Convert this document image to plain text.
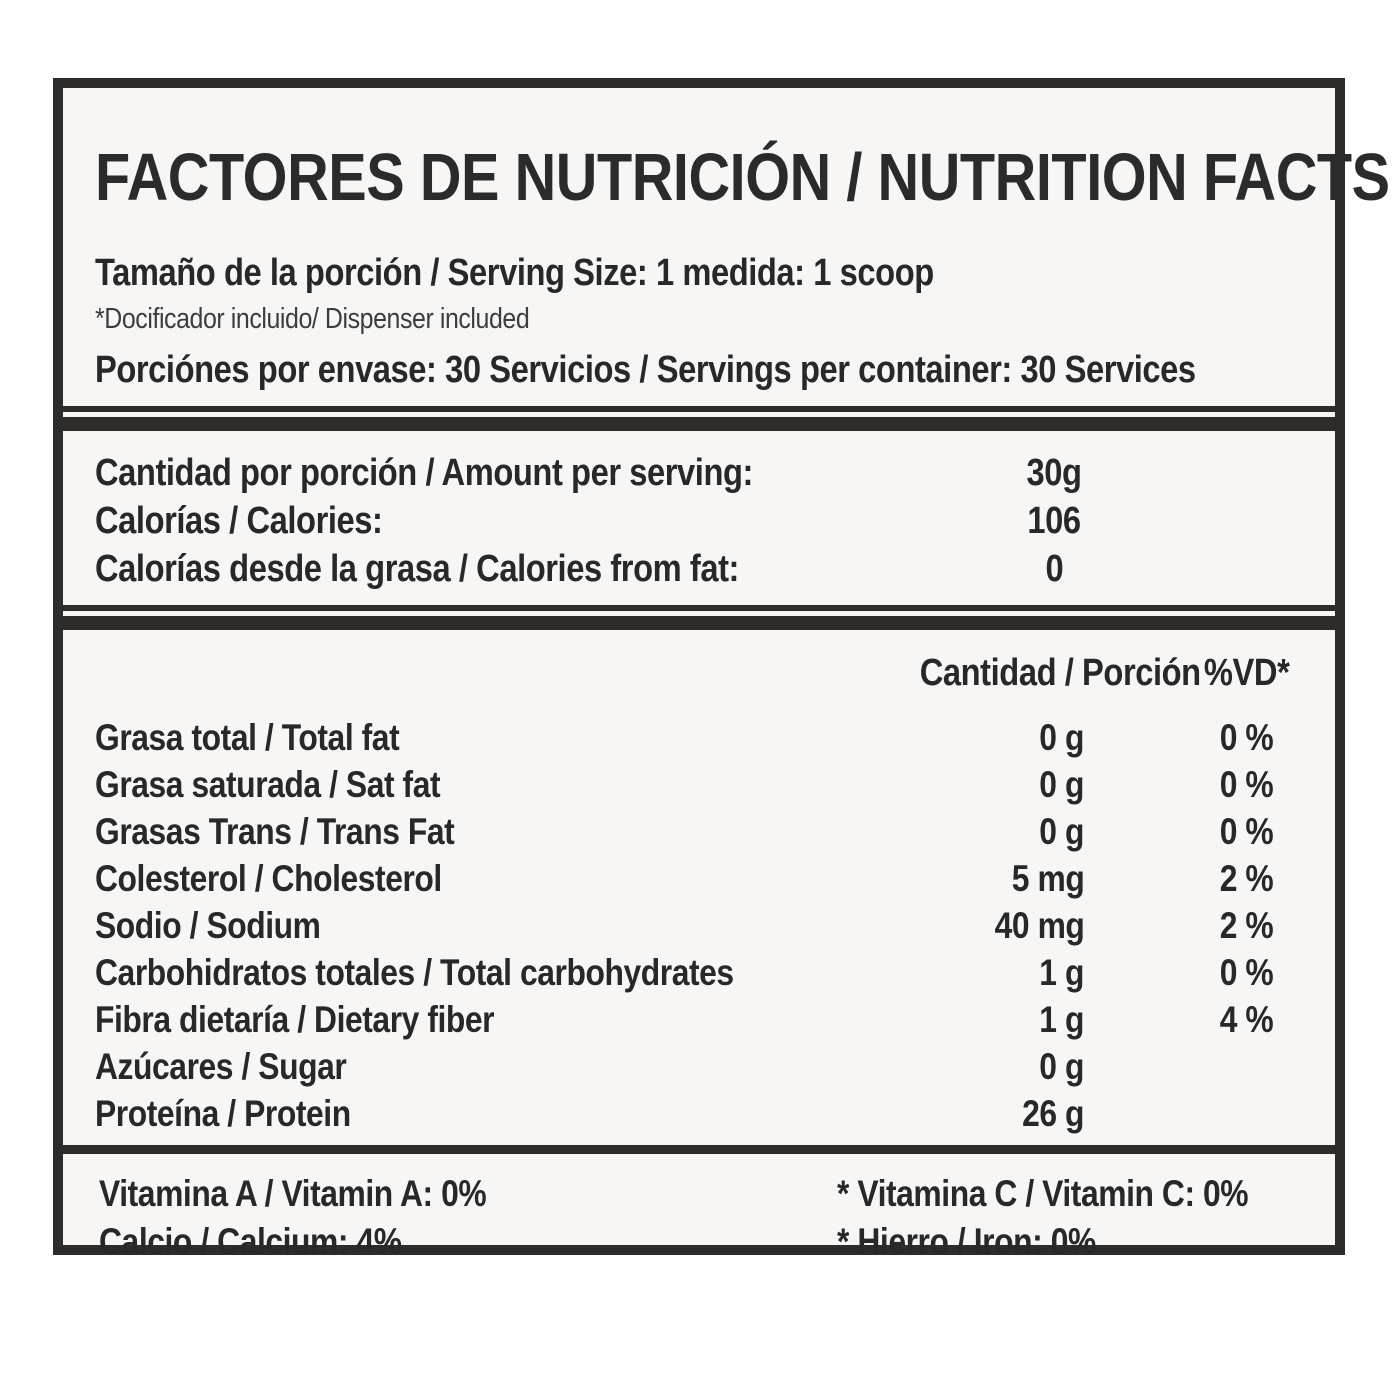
FACTORES DE NUTRICIÓN / NUTRITION FACTS

Tamaño de la porción / Serving Size: 1 medida: 1 scoop

*Docificador incluido/ Dispenser included

Porciónes por envase: 30 Servicios / Servings per container: 30 Services

Cantidad por porción / Amount per serving:	30g
Calorías / Calories:	106
Calorías desde la grasa / Calories from fat:	0
Cantidad / Porción %VD*
Grasa total / Total fat	0 g	0 %
Grasa saturada / Sat fat	0 g	0 %
Grasas Trans / Trans Fat	0 g	0 %
Colesterol / Cholesterol	5 mg	2 %
Sodio / Sodium	40 mg	2 %
Carbohidratos totales / Total carbohydrates	1 g	0 %
Fibra dietaría / Dietary fiber	1 g	4 %
Azúcares / Sugar	0 g
Proteína / Protein	26 g
Vitamina A / Vitamin A: 0%	* Vitamina C / Vitamin C: 0%
Calcio / Calcium: 4%	* Hierro / Iron: 0%
